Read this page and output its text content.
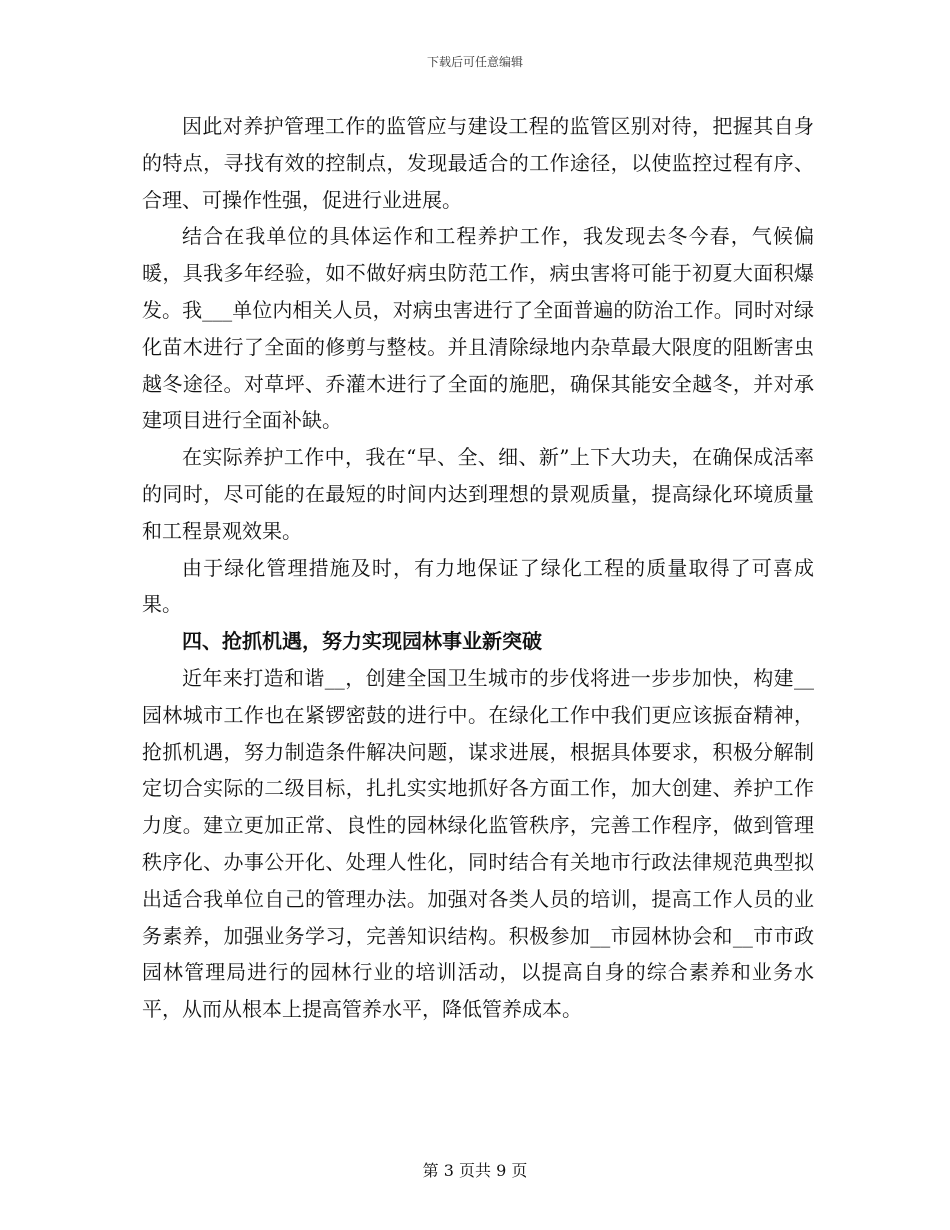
下载后可任意编辑

因此对养护管理工作的监管应与建设工程的监管区别对待，把握其自身的特点，寻找有效的控制点，发现最适合的工作途径，以使监控过程有序、合理、可操作性强，促进行业进展。

结合在我单位的具体运作和工程养护工作，我发现去冬今春，气候偏暖，具我多年经验，如不做好病虫防范工作，病虫害将可能于初夏大面积爆发。我___单位内相关人员，对病虫害进行了全面普遍的防治工作。同时对绿化苗木进行了全面的修剪与整枝。并且清除绿地内杂草最大限度的阻断害虫越冬途径。对草坪、乔灌木进行了全面的施肥，确保其能安全越冬，并对承建项目进行全面补缺。

在实际养护工作中，我在“早、全、细、新”上下大功夫，在确保成活率的同时，尽可能的在最短的时间内达到理想的景观质量，提高绿化环境质量和工程景观效果。

由于绿化管理措施及时，有力地保证了绿化工程的质量取得了可喜成果。

四、抢抓机遇，努力实现园林事业新突破

近年来打造和谐__，创建全国卫生城市的步伐将进一步步加快，构建__园林城市工作也在紧锣密鼓的进行中。在绿化工作中我们更应该振奋精神，抢抓机遇，努力制造条件解决问题，谋求进展，根据具体要求，积极分解制定切合实际的二级目标，扎扎实实地抓好各方面工作，加大创建、养护工作力度。建立更加正常、良性的园林绿化监管秩序，完善工作程序，做到管理秩序化、办事公开化、处理人性化，同时结合有关地市行政法律规范典型拟出适合我单位自己的管理办法。加强对各类人员的培训，提高工作人员的业务素养，加强业务学习，完善知识结构。积极参加__市园林协会和__市市政园林管理局进行的园林行业的培训活动，以提高自身的综合素养和业务水平，从而从根本上提高管养水平，降低管养成本。

第 3 页共 9 页
